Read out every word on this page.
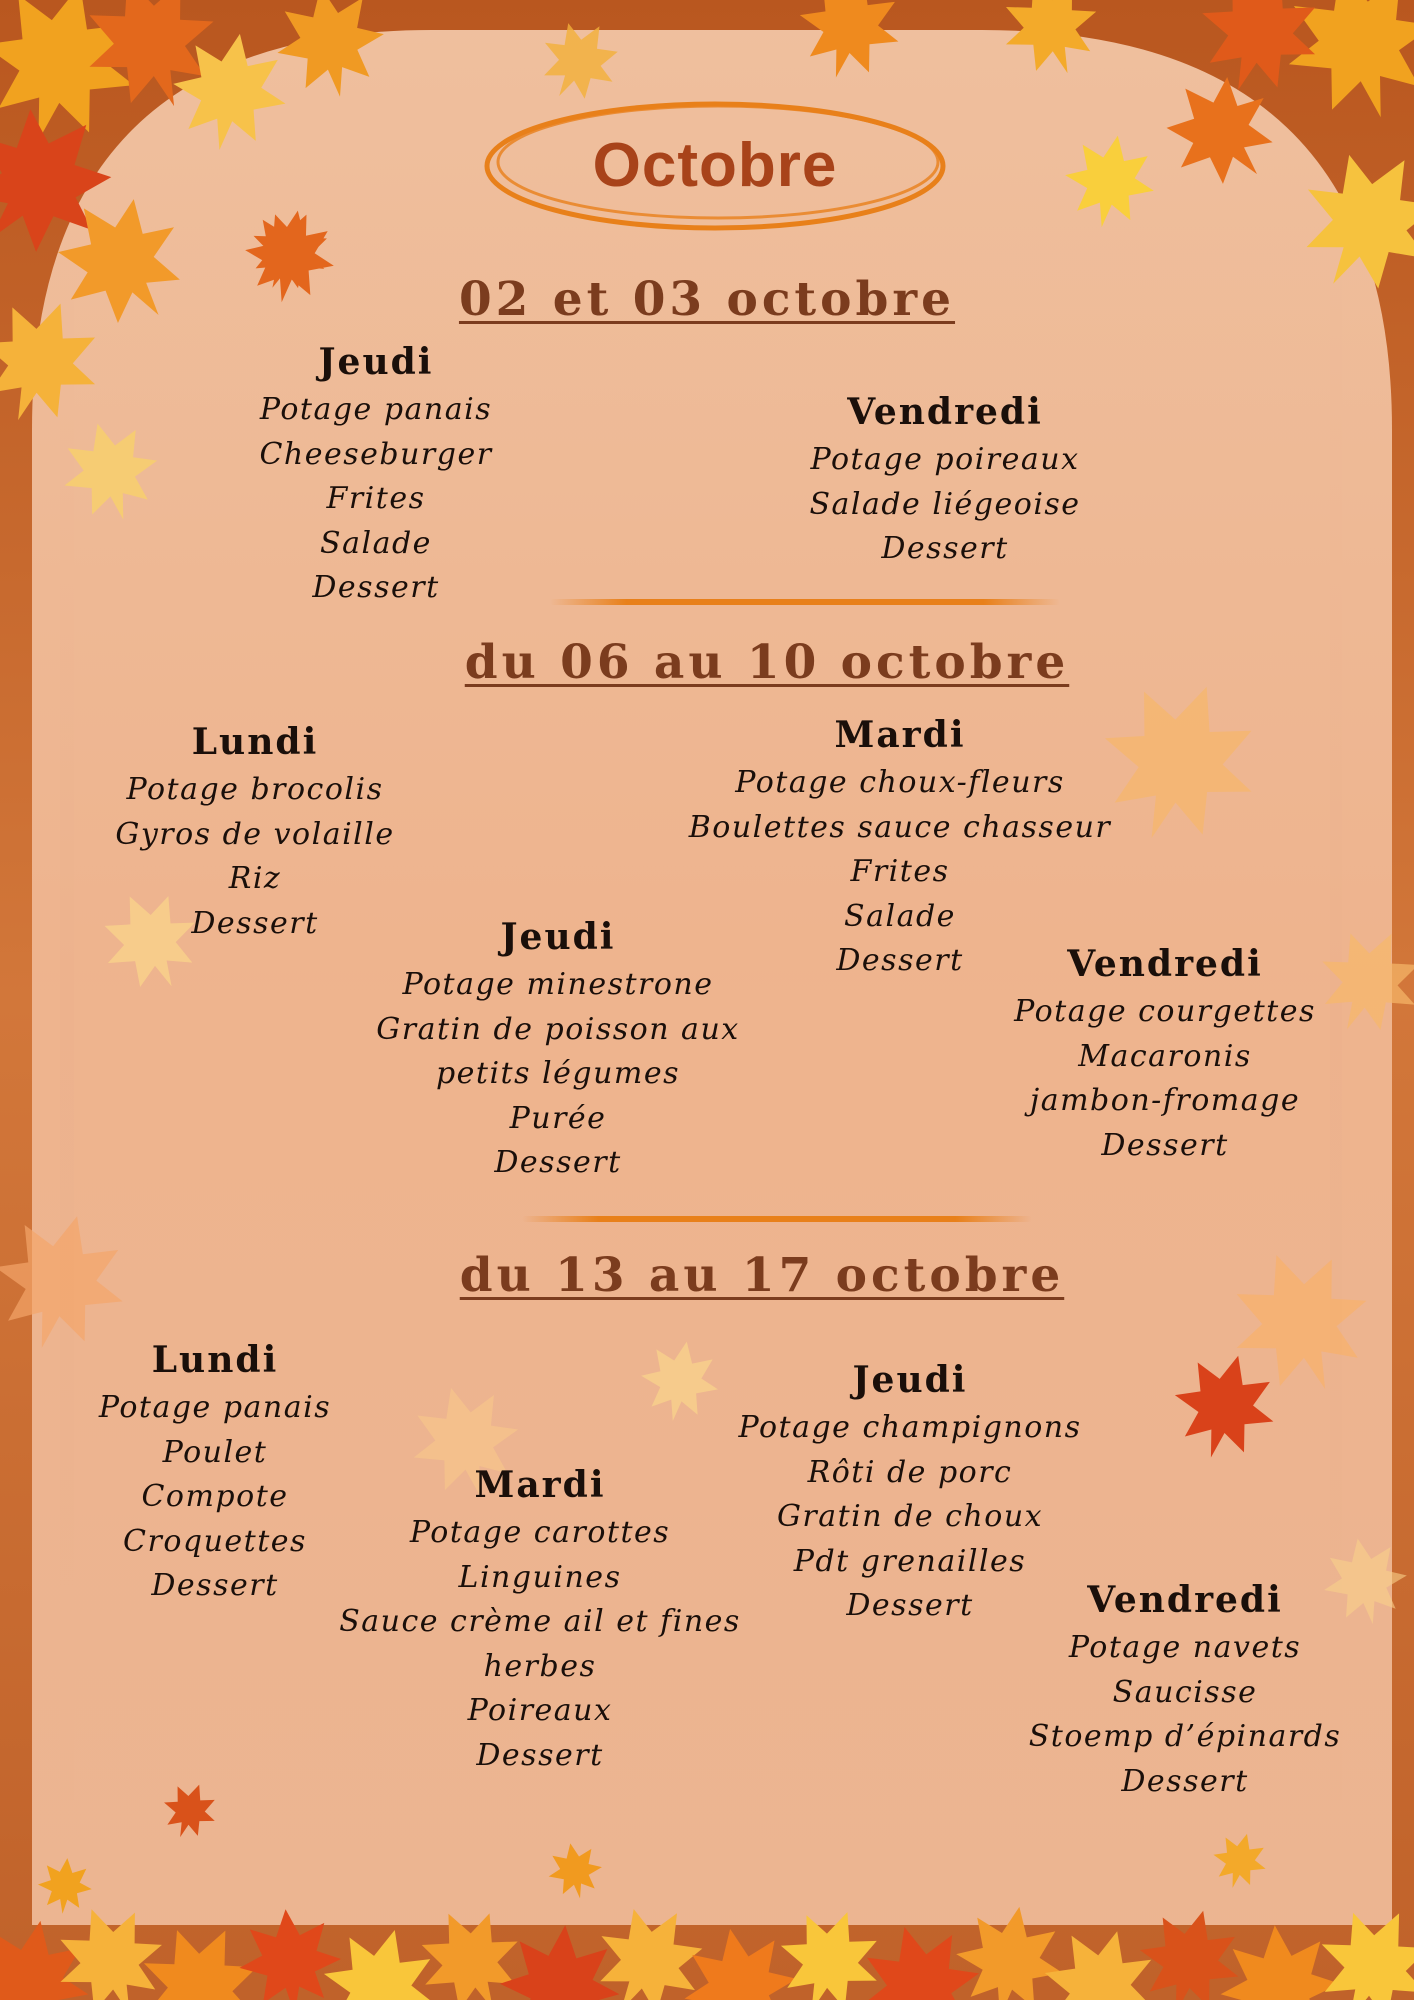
Octobre
02 et 03 octobre
Jeudi
Potage panais
Cheeseburger
Frites
Salade
Dessert
Vendredi
Potage poireaux
Salade liégeoise
Dessert
du 06 au 10 octobre
Lundi
Potage brocolis
Gyros de volaille
Riz
Dessert
Mardi
Potage choux-fleurs
Boulettes sauce chasseur
Frites
Salade
Dessert
Jeudi
Potage minestrone
Gratin de poisson aux
petits légumes
Purée
Dessert
Vendredi
Potage courgettes
Macaronis
jambon-fromage
Dessert
du 13 au 17 octobre
Lundi
Potage panais
Poulet
Compote
Croquettes
Dessert
Mardi
Potage carottes
Linguines
Sauce crème ail et fines
herbes
Poireaux
Dessert
Jeudi
Potage champignons
Rôti de porc
Gratin de choux
Pdt grenailles
Dessert	Vendredi
Potage navets
Saucisse
Stoemp d’épinards
Dessert
